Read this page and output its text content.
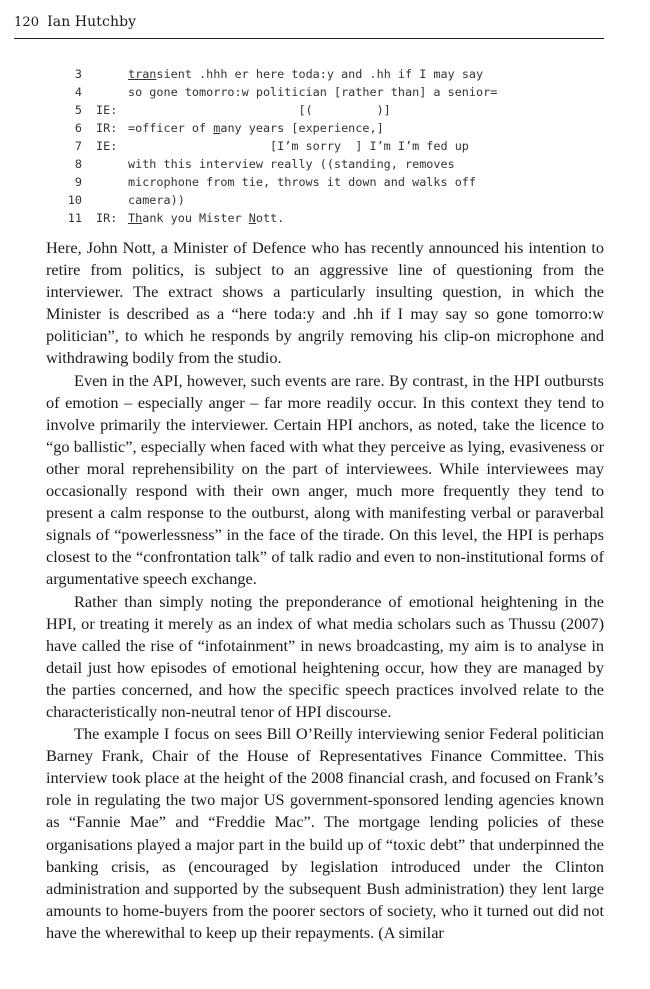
120 Ian Hutchby
3	transient .hhh er here toda:y and .hh if I may say
4	so gone tomorro:w politician [rather than] a senior=
5 IE: [(         )]
6 IR: =officer of many years [experience,]
7 IE: [I’m sorry  ] I’m I’m fed up
8	with this interview really ((standing, removes
9	microphone from tie, throws it down and walks off
10	camera))
11 IR: Thank you Mister Nott.

Here, John Nott, a Minister of Defence who has recently announced his intention to retire from politics, is subject to an aggressive line of questioning from the interviewer. The extract shows a particularly insulting question, in which the Minister is described as a “here toda:y and .hh if I may say so gone tomorro:w politician”, to which he responds by angrily removing his clip-on microphone and withdrawing bodily from the studio.

Even in the API, however, such events are rare. By contrast, in the HPI outbursts of emotion – especially anger – far more readily occur. In this context they tend to involve primarily the interviewer. Certain HPI anchors, as noted, take the licence to “go ballistic”, especially when faced with what they perceive as lying, evasiveness or other moral reprehensibility on the part of interviewees. While interviewees may occasionally respond with their own anger, much more frequently they tend to present a calm response to the outburst, along with manifesting verbal or paraverbal signals of “powerlessness” in the face of the tirade. On this level, the HPI is perhaps closest to the “confrontation talk” of talk radio and even to non-institutional forms of argumentative speech exchange.

Rather than simply noting the preponderance of emotional heightening in the HPI, or treating it merely as an index of what media scholars such as Thussu (2007) have called the rise of “infotainment” in news broadcasting, my aim is to analyse in detail just how episodes of emotional heightening occur, how they are managed by the parties concerned, and how the specific speech practices involved relate to the characteristically non-neutral tenor of HPI discourse.

The example I focus on sees Bill O’Reilly interviewing senior Federal politician Barney Frank, Chair of the House of Representatives Finance Committee. This interview took place at the height of the 2008 financial crash, and focused on Frank’s role in regulating the two major US government-sponsored lending agencies known as “Fannie Mae” and “Freddie Mac”. The mortgage lending policies of these organisations played a major part in the build up of “toxic debt” that underpinned the banking crisis, as (encouraged by legislation introduced under the Clinton administration and supported by the subsequent Bush administration) they lent large amounts to home-buyers from the poorer sectors of society, who it turned out did not have the wherewithal to keep up their repayments. (A similar
